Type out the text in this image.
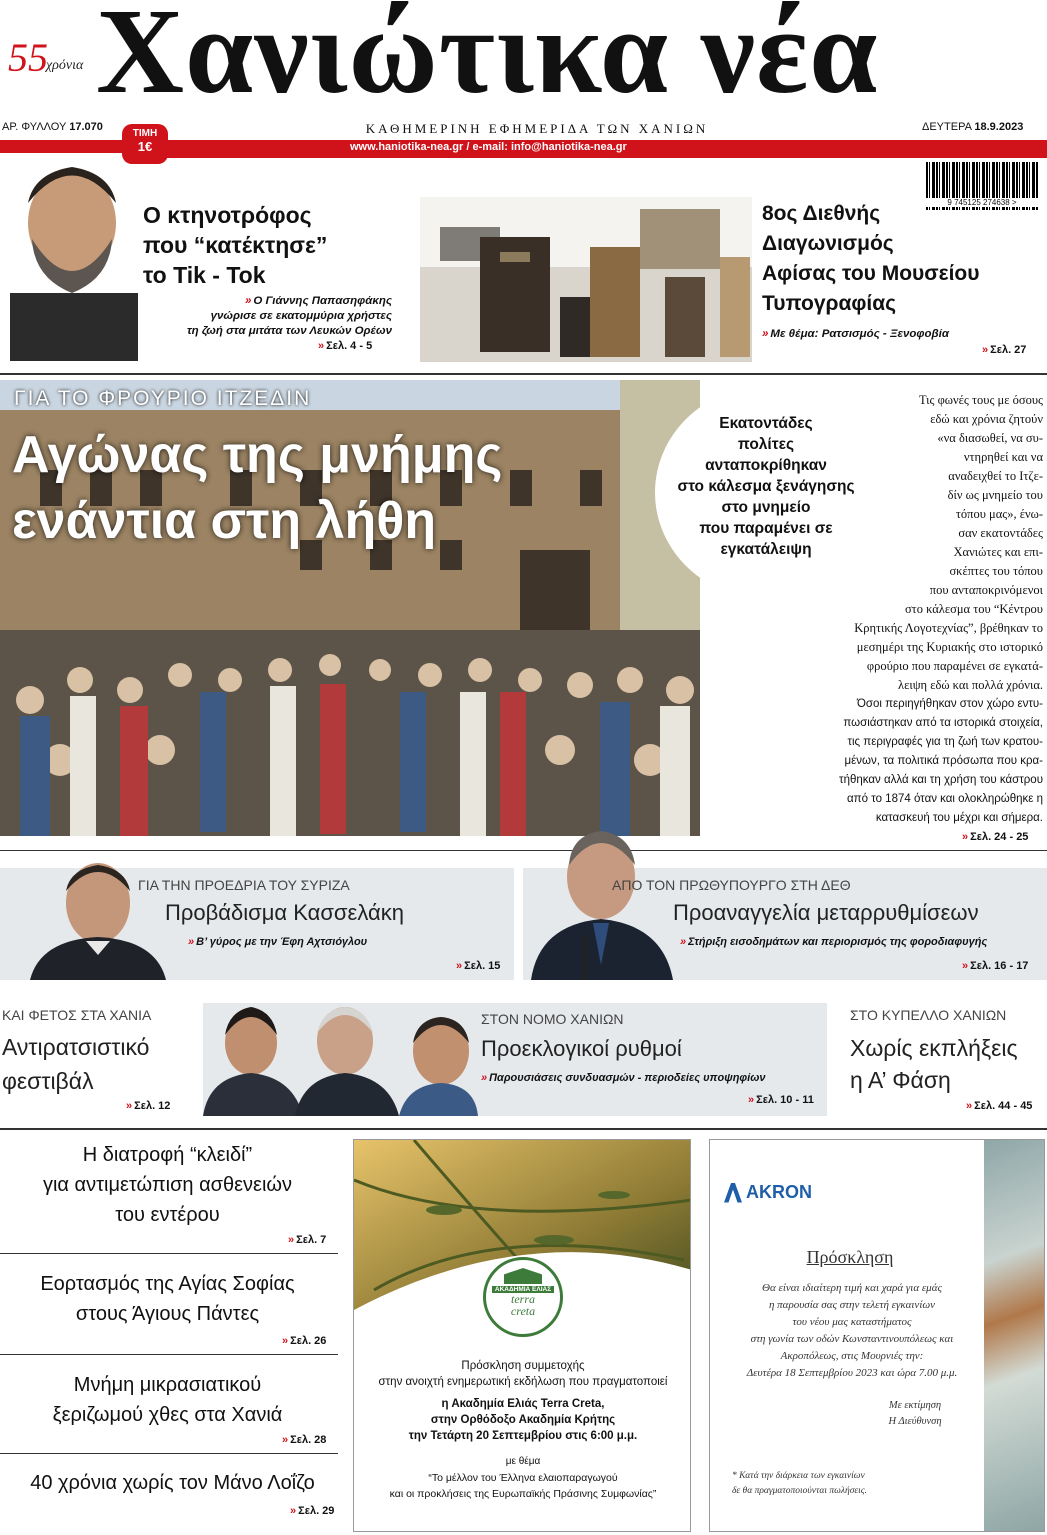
55
χρόνια Χανιώτικα νέα
ΑΡ. ΦΥΛΛΟΥ 17.070
ΤΙΜΗ
1€
ΚΑΘΗΜΕΡΙΝΗ ΕΦΗΜΕΡΙΔΑ ΤΩΝ ΧΑΝΙΩΝ	ΔΕΥΤΕΡΑ 18.9.2023
www.haniotika-nea.gr / e-mail: info@haniotika-nea.gr
9 745125 274638 >
Ο κτηνοτρόφος
που “κατέκτησε”
το Tik - Tok
» Ο Γιάννης Παπασηφάκης
γνώρισε σε εκατομμύρια χρήστες
τη ζωή στα μιτάτα των Λευκών Ορέων
» Σελ. 4 - 5
8ος Διεθνής
Διαγωνισμός
Αφίσας του Μουσείου
Τυπογραφίας
» Με θέμα: Ρατσισμός - Ξενοφοβία
» Σελ. 27
ΓΙΑ ΤΟ ΦΡΟΥΡΙΟ ΙΤΖΕΔΙΝ
Αγώνας της μνήμης
ενάντια στη λήθη
Εκατοντάδες
πολίτες
ανταποκρίθηκαν
στο κάλεσμα ξενάγησης
στο μνημείο
που παραμένει σε
εγκατάλειψη
Τις φωνές τους με όσους
εδώ και χρόνια ζητούν
«να διασωθεί, να συ-
ντηρηθεί και να
αναδειχθεί το Ιτζε-
δίν ως μνημείο του
τόπου μας», ένω-
σαν εκατοντάδες
Χανιώτες και επι-
σκέπτες του τόπου
που ανταποκρινόμενοι
στο κάλεσμα του “Κέντρου
Κρητικής Λογοτεχνίας”, βρέθηκαν το
μεσημέρι της Κυριακής στο ιστορικό
φρούριο που παραμένει σε εγκατά-
λειψη εδώ και πολλά χρόνια.
Όσοι περιηγήθηκαν στον χώρο εντυ-
πωσιάστηκαν από τα ιστορικά στοιχεία,
τις περιγραφές για τη ζωή των κρατου-
μένων, τα πολιτικά πρόσωπα που κρα-
τήθηκαν αλλά και τη χρήση του κάστρου
από το 1874 όταν και ολοκληρώθηκε η
κατασκευή του μέχρι και σήμερα.
» Σελ. 24 - 25
ΓΙΑ ΤΗΝ ΠΡΟΕΔΡΙΑ ΤΟΥ ΣΥΡΙΖΑ
Προβάδισμα Κασσελάκη
» Β’ γύρος με την Έφη Αχτσιόγλου
» Σελ. 15
ΑΠΟ ΤΟΝ ΠΡΩΘΥΠΟΥΡΓΟ ΣΤΗ ΔΕΘ
Προαναγγελία μεταρρυθμίσεων
» Στήριξη εισοδημάτων και περιορισμός της φοροδιαφυγής
» Σελ. 16 - 17
ΚΑΙ ΦΕΤΟΣ ΣΤΑ ΧΑΝΙΑ
Αντιρατσιστικό
φεστιβάλ
» Σελ. 12
ΣΤΟΝ ΝΟΜΟ ΧΑΝΙΩΝ
Προεκλογικοί ρυθμοί
» Παρουσιάσεις συνδυασμών - περιοδείες υποψηφίων
» Σελ. 10 - 11
ΣΤΟ ΚΥΠΕΛΛΟ ΧΑΝΙΩΝ
Χωρίς εκπλήξεις
η Α’ Φάση
» Σελ. 44 - 45
Η διατροφή “κλειδί”
για αντιμετώπιση ασθενειών
του εντέρου
» Σελ. 7
Εορτασμός της Αγίας Σοφίας
στους Άγιους Πάντες
» Σελ. 26
Μνήμη μικρασιατικού
ξεριζωμού χθες στα Χανιά
» Σελ. 28
40 χρόνια χωρίς τον Μάνο Λοΐζο
» Σελ. 29
ΑΚΑΔΗΜΙΑ ΕΛΙΑΣ
terra
creta
Πρόσκληση συμμετοχής
στην ανοιχτή ενημερωτική εκδήλωση που πραγματοποιεί
η Ακαδημία Ελιάς Terra Creta,
στην Ορθόδοξο Ακαδημία Κρήτης
την Τετάρτη 20 Σεπτεμβρίου στις 6:00 μ.μ.
με θέμα
“Το μέλλον του Έλληνα ελαιοπαραγωγού
και οι προκλήσεις της Ευρωπαϊκής Πράσινης Συμφωνίας”
AKRON
Πρόσκληση
Θα είναι ιδιαίτερη τιμή και χαρά για εμάς
η παρουσία σας στην τελετή εγκαινίων
του νέου μας καταστήματος
στη γωνία των οδών Κωνσταντινουπόλεως και
Ακροπόλεως, στις Μουρνιές την:
Δευτέρα 18 Σεπτεμβρίου 2023 και ώρα 7.00 μ.μ.
Με εκτίμηση
Η Διεύθυνση
* Κατά την διάρκεια των εγκαινίων
δε θα πραγματοποιούνται πωλήσεις.
